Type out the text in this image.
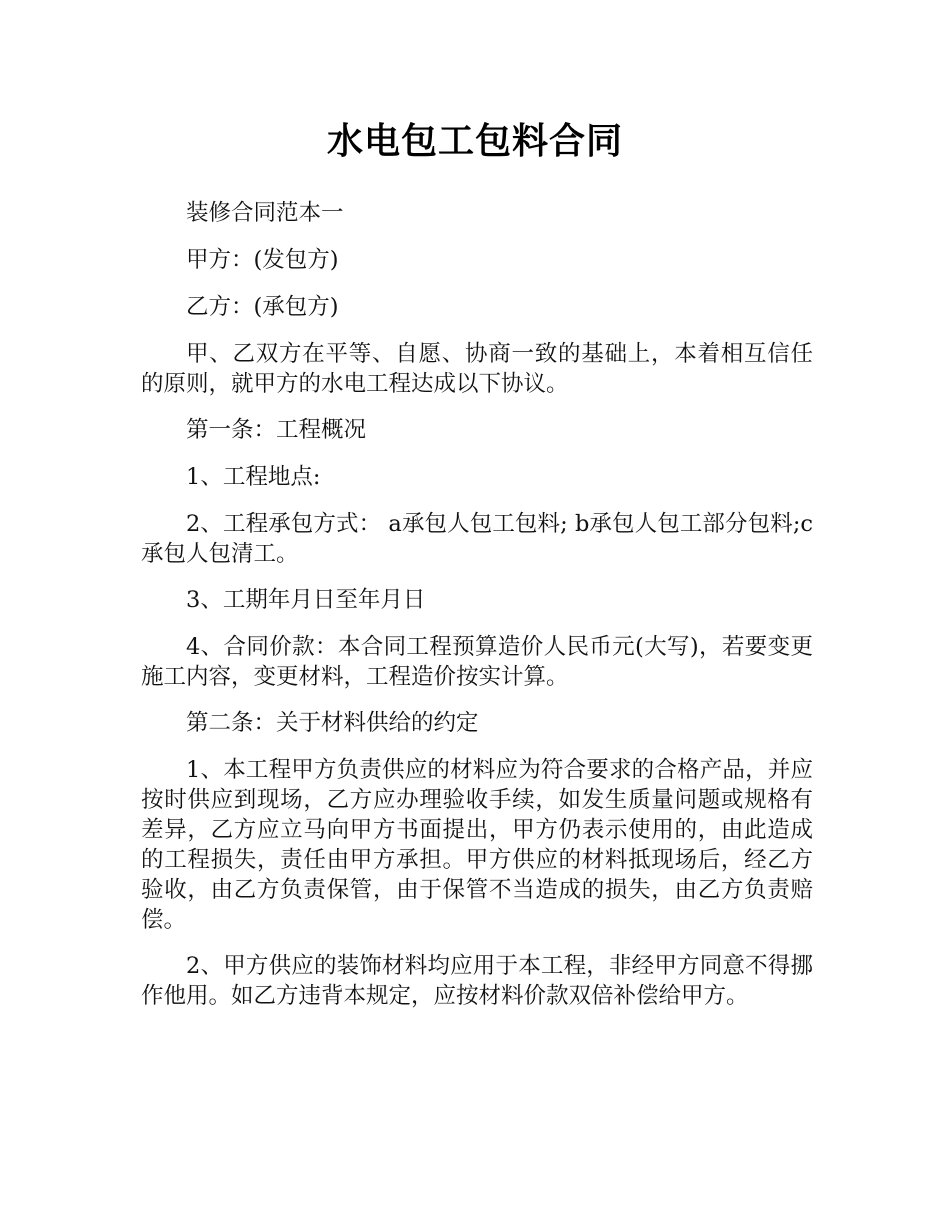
水电包工包料合同

装修合同范本一

甲方：(发包方)

乙方：(承包方)

甲、乙双方在平等、自愿、协商一致的基础上，本着相互信任的原则，就甲方的水电工程达成以下协议。

第一条：工程概况

1、工程地点:

2、工程承包方式： a承包人包工包料; b承包人包工部分包料;c承包人包清工。

3、工期年月日至年月日

4、合同价款：本合同工程预算造价人民币元(大写)，若要变更施工内容，变更材料，工程造价按实计算。

第二条：关于材料供给的约定

1、本工程甲方负责供应的材料应为符合要求的合格产品，并应按时供应到现场，乙方应办理验收手续，如发生质量问题或规格有差异，乙方应立马向甲方书面提出，甲方仍表示使用的，由此造成的工程损失，责任由甲方承担。甲方供应的材料抵现场后，经乙方验收，由乙方负责保管，由于保管不当造成的损失，由乙方负责赔偿。

2、甲方供应的装饰材料均应用于本工程，非经甲方同意不得挪作他用。如乙方违背本规定，应按材料价款双倍补偿给甲方。
